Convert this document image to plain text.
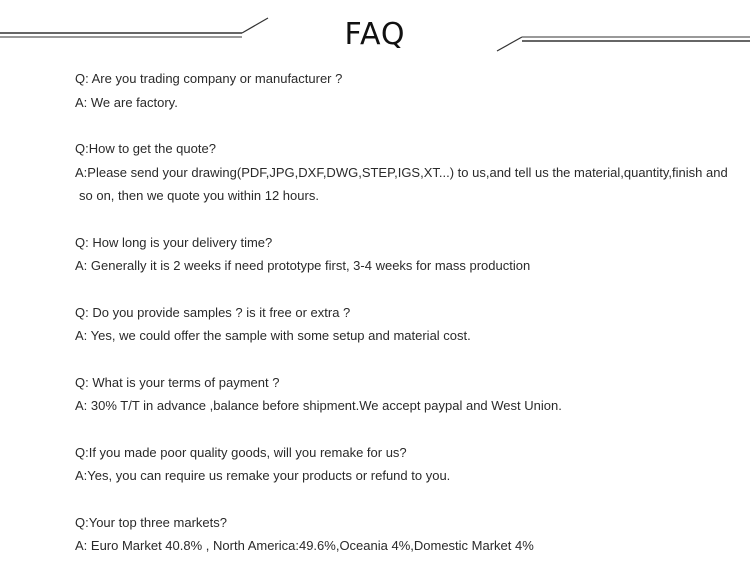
FAQ
Q: Are you trading company or manufacturer ?
A: We are factory.
Q:How to get the quote?
A:Please send your drawing(PDF,JPG,DXF,DWG,STEP,IGS,XT...) to us,and tell us the material,quantity,finish and
so on, then we quote you within 12 hours.
Q: How long is your delivery time?
A: Generally it is 2 weeks if need prototype first, 3-4 weeks for mass production
Q: Do you provide samples ? is it free or extra ?
A: Yes, we could offer the sample with some setup and material cost.
Q: What is your terms of payment ?
A: 30% T/T in advance ,balance before shipment.We accept paypal and West Union.
Q:If you made poor quality goods, will you remake for us?
A:Yes, you can require us remake your products or refund to you.
Q:Your top three markets?
A: Euro Market 40.8% , North America:49.6%,Oceania 4%,Domestic Market 4%
